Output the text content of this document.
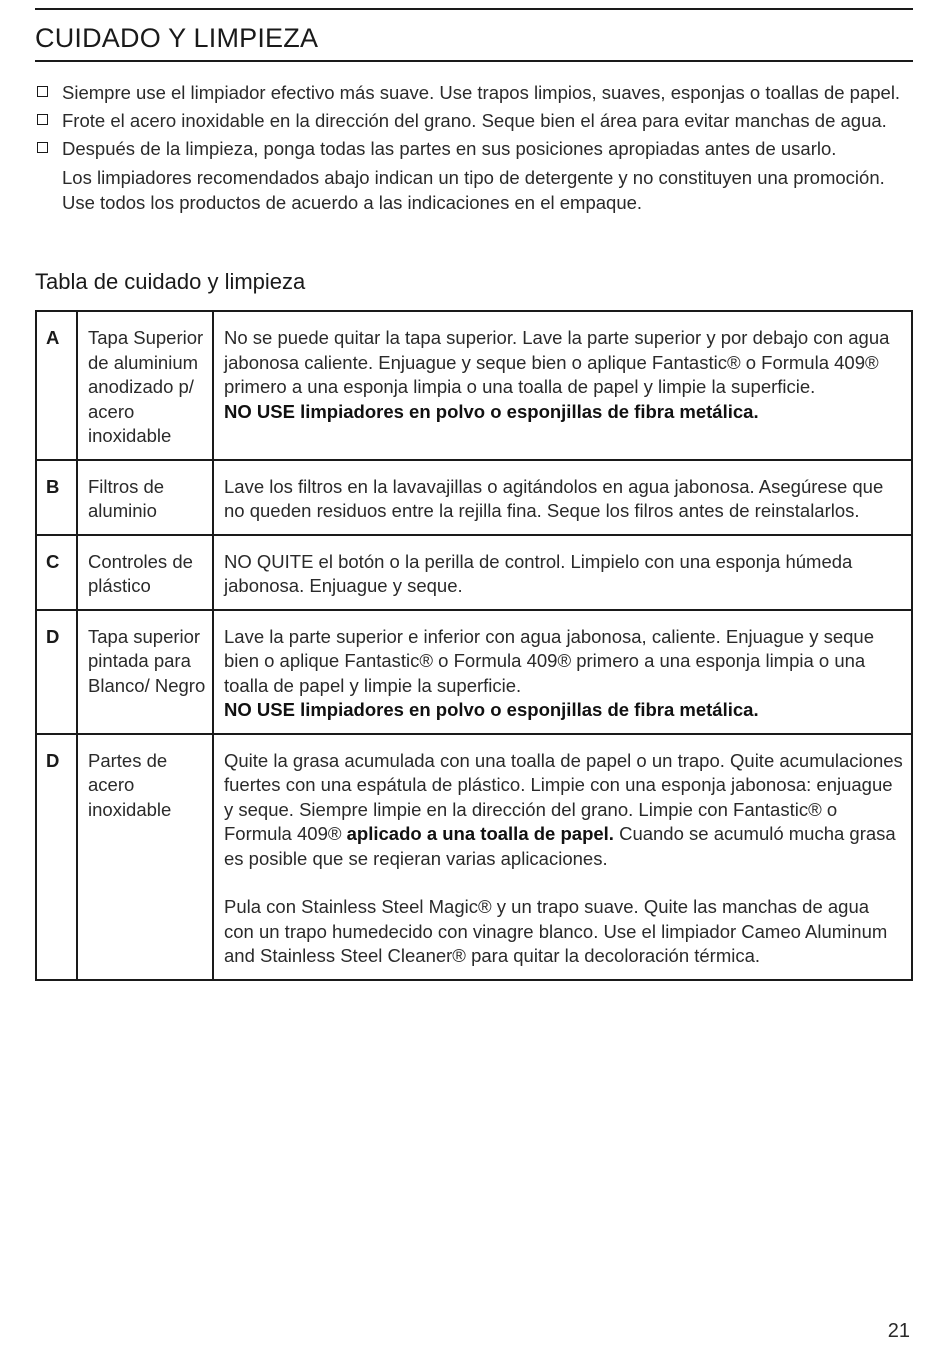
CUIDADO Y LIMPIEZA
Siempre use el limpiador efectivo más suave. Use trapos limpios, suaves, esponjas o toallas de papel.
Frote el acero inoxidable en la dirección del grano. Seque bien el área para evitar manchas de agua.
Después de la limpieza, ponga todas las partes en sus posiciones apropiadas antes de usarlo.
Los limpiadores recomendados abajo indican un tipo de detergente y no constituyen una promoción. Use todos los productos de acuerdo a las indicaciones en el empaque.
Tabla de cuidado y limpieza
A	Tapa Superior de aluminium anodizado p/ acero inoxidable	No se puede quitar la tapa superior. Lave la parte superior y por debajo con agua jabonosa caliente. Enjuague y seque bien o aplique Fantastic® o Formula 409® primero a una esponja limpia o una toalla de papel y limpie la superficie.
NO USE limpiadores en polvo o esponjillas de fibra metálica.
B	Filtros de aluminio	Lave los filtros en la lavavajillas o agitándolos en agua jabonosa. Asegúrese que no queden residuos entre la rejilla fina. Seque los filros antes de reinstalarlos.
C	Controles de plástico	NO QUITE el botón o la perilla de control. Limpielo con una esponja húmeda jabonosa. Enjuague y seque.
D	Tapa superior pintada para Blanco/ Negro	Lave la parte superior e inferior con agua jabonosa, caliente. Enjuague y seque bien o aplique Fantastic® o Formula 409® primero a una esponja limpia o una toalla de papel y limpie la superficie.
NO USE limpiadores en polvo o esponjillas de fibra metálica.
D	Partes de acero inoxidable	Quite la grasa acumulada con una toalla de papel o un trapo. Quite acumulaciones fuertes con una espátula de plástico. Limpie con una esponja jabonosa: enjuague y seque. Siempre limpie en la dirección del grano. Limpie con Fantastic® o Formula 409® aplicado a una toalla de papel. Cuando se acumuló mucha grasa es posible que se reqieran varias aplicaciones.
Pula con Stainless Steel Magic® y un trapo suave. Quite las manchas de agua con un trapo humedecido con vinagre blanco. Use el limpiador Cameo Aluminum and Stainless Steel Cleaner® para quitar la decoloración térmica.
21
